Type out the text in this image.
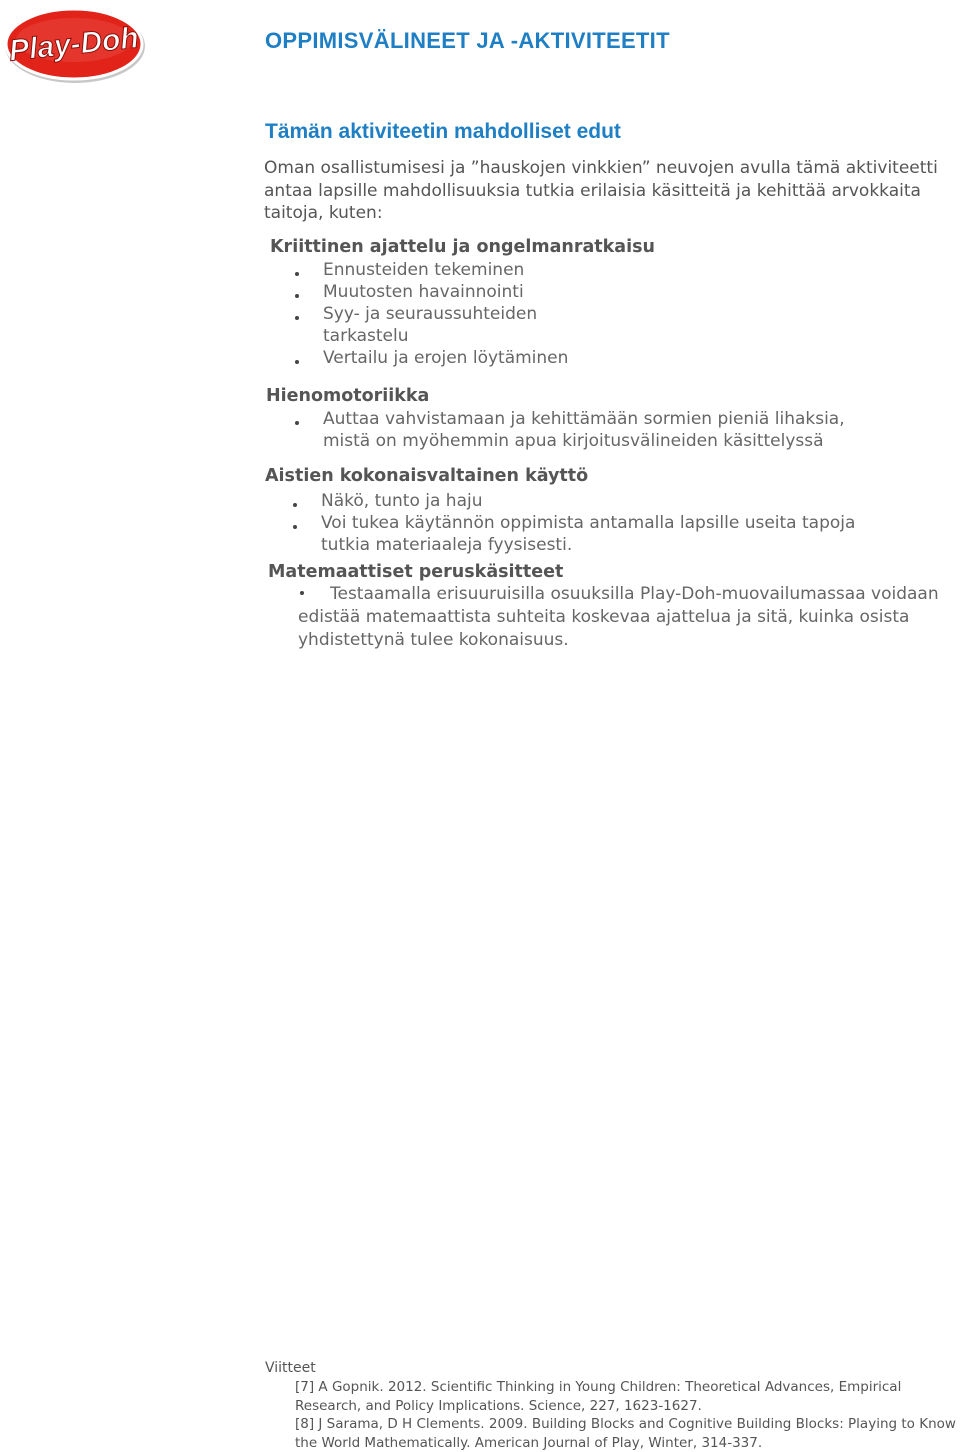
Play-Doh	OPPIMISVÄLINEET JA -AKTIVITEETIT
Tämän aktiviteetin mahdolliset edut

Oman osallistumisesi ja ”hauskojen vinkkien” neuvojen avulla tämä aktiviteetti antaa lapsille mahdollisuuksia tutkia erilaisia käsitteitä ja kehittää arvokkaita taitoja, kuten:

Kriittinen ajattelu ja ongelmanratkaisu
Ennusteiden tekeminen
Muutosten havainnointi
Syy- ja seuraussuhteiden tarkastelu
Vertailu ja erojen löytäminen
Hienomotoriikka
Auttaa vahvistamaan ja kehittämään sormien pieniä lihaksia, mistä on myöhemmin apua kirjoitusvälineiden käsittelyssä
Aistien kokonaisvaltainen käyttö
Näkö, tunto ja haju
Voi tukea käytännön oppimista antamalla lapsille useita tapoja tutkia materiaaleja fyysisesti.
Matemaattiset peruskäsitteet

Testaamalla erisuuruisilla osuuksilla Play-Doh-muovailumassaa voidaan edistää matemaattista suhteita koskevaa ajattelua ja sitä, kuinka osista yhdistettynä tulee kokonaisuus.

Viitteet

[7] A Gopnik. 2012. Scientific Thinking in Young Children: Theoretical Advances, Empirical Research, and Policy Implications. Science, 227, 1623-1627.
[8] J Sarama, D H Clements. 2009. Building Blocks and Cognitive Building Blocks: Playing to Know the World Mathematically. American Journal of Play, Winter, 314-337.
